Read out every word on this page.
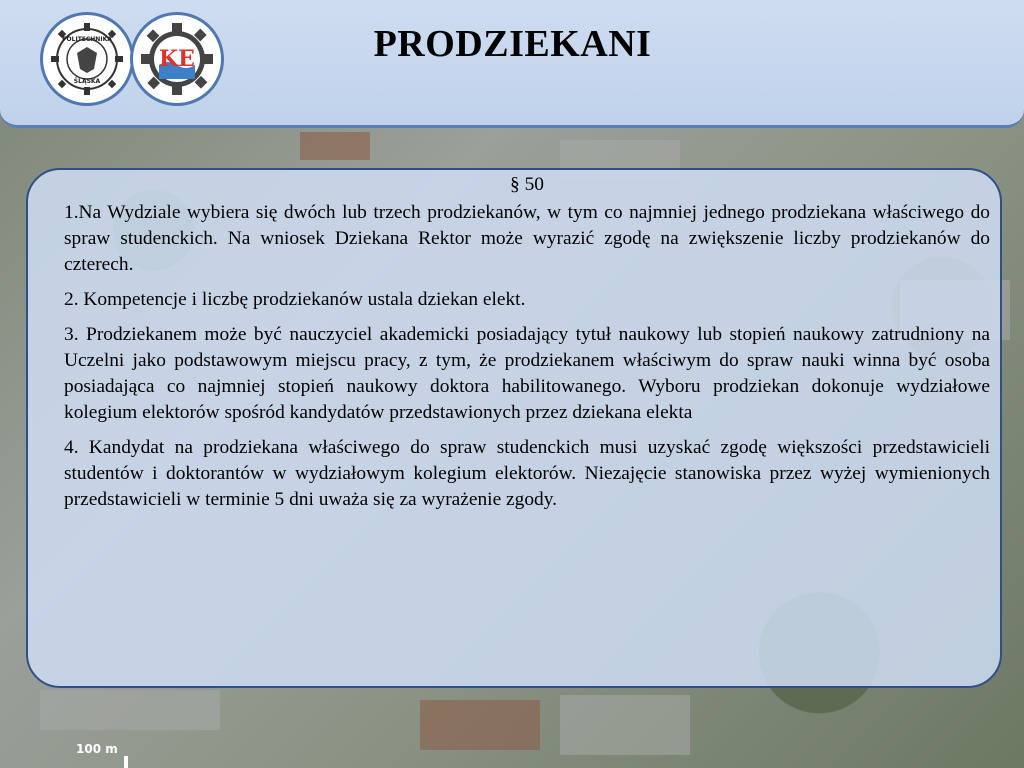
POLITECHNIKA
ŚLĄSKA
KE	PRODZIEKANI

§ 50

1.Na Wydziale wybiera się dwóch lub trzech prodziekanów, w tym co najmniej jednego prodziekana właściwego do spraw studenckich. Na wniosek Dziekana Rektor może wyrazić zgodę na zwiększenie liczby prodziekanów do czterech.

2. Kompetencje i liczbę prodziekanów ustala dziekan elekt.

3. Prodziekanem może być nauczyciel akademicki posiadający tytuł naukowy lub stopień naukowy zatrudniony na Uczelni jako podstawowym miejscu pracy, z tym, że prodziekanem właściwym do spraw nauki winna być osoba posiadająca co najmniej stopień naukowy doktora habilitowanego. Wyboru prodziekan dokonuje wydziałowe kolegium elektorów spośród kandydatów przedstawionych przez dziekana elekta

4. Kandydat na prodziekana właściwego do spraw studenckich musi uzyskać zgodę większości przedstawicieli studentów i doktorantów w wydziałowym kolegium elektorów. Niezajęcie stanowiska przez wyżej wymienionych przedstawicieli w terminie 5 dni uważa się za wyrażenie zgody.

100 m
